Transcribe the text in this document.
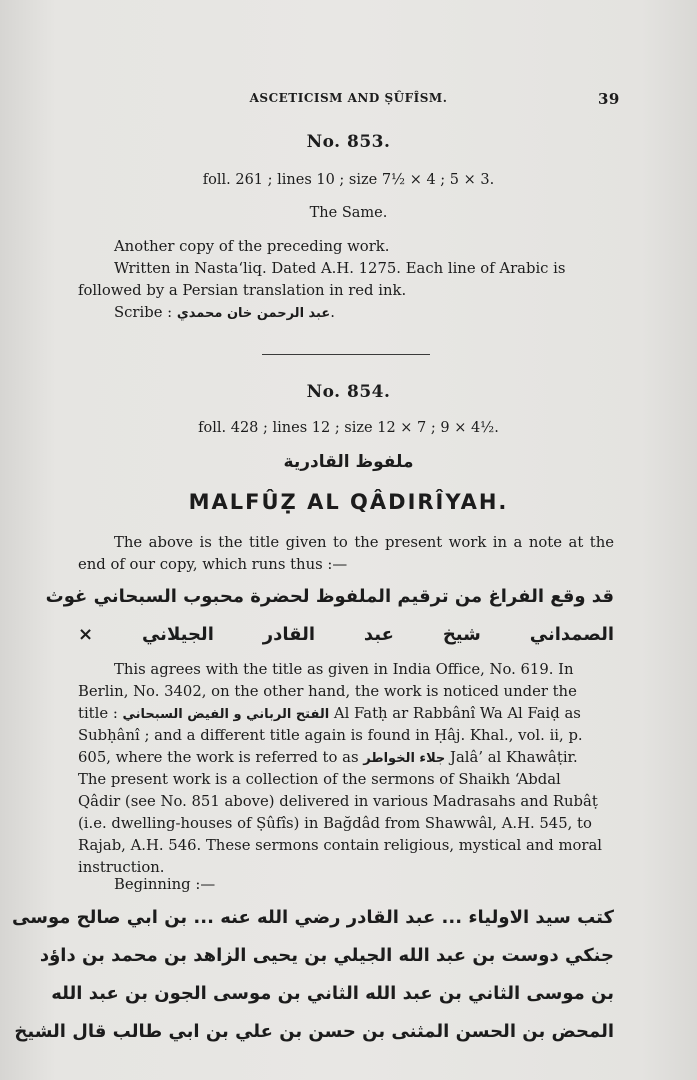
ASCETICISM AND ṢÛFÎSM.	39
No. 853.
foll. 261 ; lines 10 ; size 7½ × 4 ; 5 × 3.
The Same.
Another copy of the preceding work.
Written in Nasta‘liq. Dated A.H. 1275. Each line of Arabic is
followed by a Persian translation in red ink.
Scribe : عبد الرحمن خان محمدي.
No. 854.
foll. 428 ; lines 12 ; size 12 × 7 ; 9 × 4½.
ملفوظ القادرية
MALFÛẒ AL QÂDIRÎYAH.
The above is the title given to the present work in a note at the end of our copy, which runs thus :—
قد وقع الفراغ من ترقيم الملفوظ لحضرة محبوب السبحاني غوث
الصمداني شيخ عبد القادر الجيلاني ×
This agrees with the title as given in India Office, No. 619. In
Berlin, No. 3402, on the other hand, the work is noticed under the
title : الفتح الرباني و الفيض السبحاني Al Fatḥ ar Rabbânî Wa Al Faiḍ as
Subḥânî ; and a different title again is found in Ḥâj. Khal., vol. ii, p.
605, where the work is referred to as جلاء الخواطر Jalâ’ al Khawâṭir.
The present work is a collection of the sermons of Shaikh ‘Abdal
Qâdir (see No. 851 above) delivered in various Madrasahs and Rubâṭ
(i.e. dwelling-houses of Ṣûfîs) in Bağdâd from Shawwâl, A.H. 545, to
Rajab, A.H. 546. These sermons contain religious, mystical and moral
instruction.
Beginning :—
كتب سيد الاولياء ... عبد القادر رضي الله عنه ... بن ابي صالح موسى
جنكي دوست بن عبد الله الجيلي بن يحيى الزاهد بن محمد بن داؤد
بن موسى الثاني بن عبد الله الثاني بن موسى الجون بن عبد الله
المحض بن الحسن المثنى بن حسن بن علي بن ابي طالب قال الشيخ
